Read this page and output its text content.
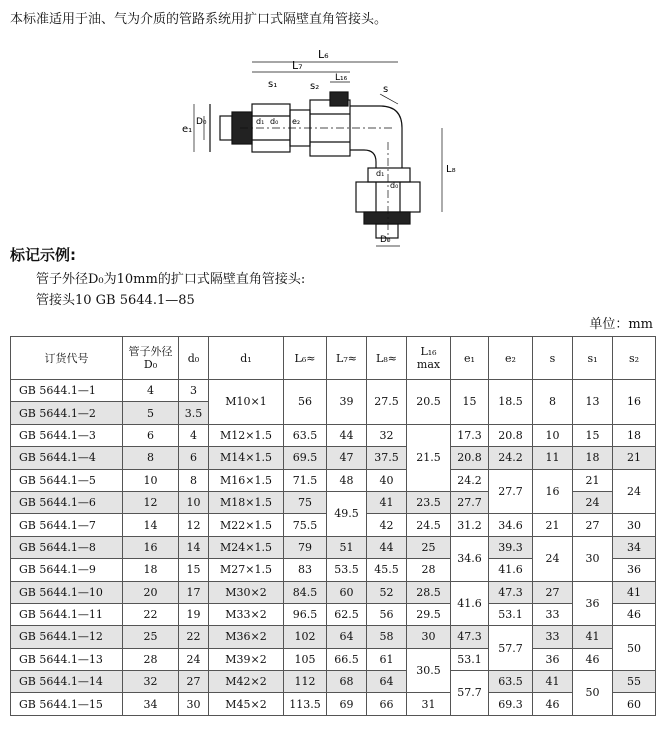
本标准适用于油、气为介质的管路系统用扩口式隔壁直角管接头。
L₆
L₇
L₁₆
s₁	s₂	s
e₁
D₀	d₁ d₀ e₂
L₈
d₁
d₀
D₀
标记示例:
管子外径D₀为10mm的扩口式隔壁直角管接头:
管接头10 GB 5644.1—85
单位：mm
订货代号	管子外径
D₀	d₀	d₁	L₆≈	L₇≈	L₈≈	L₁₆
max	e₁	e₂	s	s₁	s₂
GB 5644.1—1	4	3	M10×1	56	39	27.5	20.5	15	18.5	8	13	16
GB 5644.1—2	5	3.5										
GB 5644.1—3	6	4	M12×1.5	63.5	44	32	21.5	17.3	20.8	10	15	18
GB 5644.1—4	8	6	M14×1.5	69.5	47	37.5		20.8	24.2	11	18	21
GB 5644.1—5	10	8	M16×1.5	71.5	48	40		24.2	27.7	16	21	24
GB 5644.1—6	12	10	M18×1.5	75	49.5	41	23.5	27.7			24	
GB 5644.1—7	14	12	M22×1.5	75.5		42	24.5	31.2	34.6	21	27	30
GB 5644.1—8	16	14	M24×1.5	79	51	44	25	34.6	39.3	24	30	34
GB 5644.1—9	18	15	M27×1.5	83	53.5	45.5	28		41.6			36
GB 5644.1—10	20	17	M30×2	84.5	60	52	28.5	41.6	47.3	27	36	41
GB 5644.1—11	22	19	M33×2	96.5	62.5	56	29.5		53.1	33		46
GB 5644.1—12	25	22	M36×2	102	64	58	30	47.3	57.7	33	41	50
GB 5644.1—13	28	24	M39×2	105	66.5	61	30.5	53.1		36	46	
GB 5644.1—14	32	27	M42×2	112	68	64		57.7	63.5	41	50	55
GB 5644.1—15	34	30	M45×2	113.5	69	66	31		69.3	46		60
